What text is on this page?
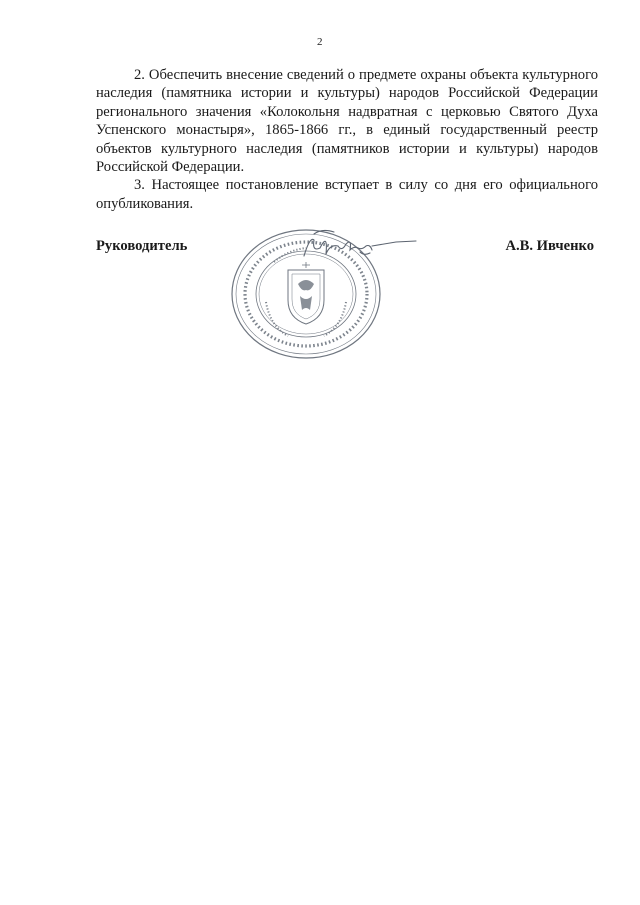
2

2. Обеспечить внесение сведений о предмете охраны объекта культурного наследия (памятника истории и культуры) народов Российской Федерации регионального значения «Колокольня надвратная с церковью Святого Духа Успенского монастыря», 1865-1866 гг., в единый государственный реестр объектов культурного наследия (памятников истории и культуры) народов Российской Федерации.

3. Настоящее постановление вступает в силу со дня его официального опубликования.

Руководитель	А.В. Ивченко
